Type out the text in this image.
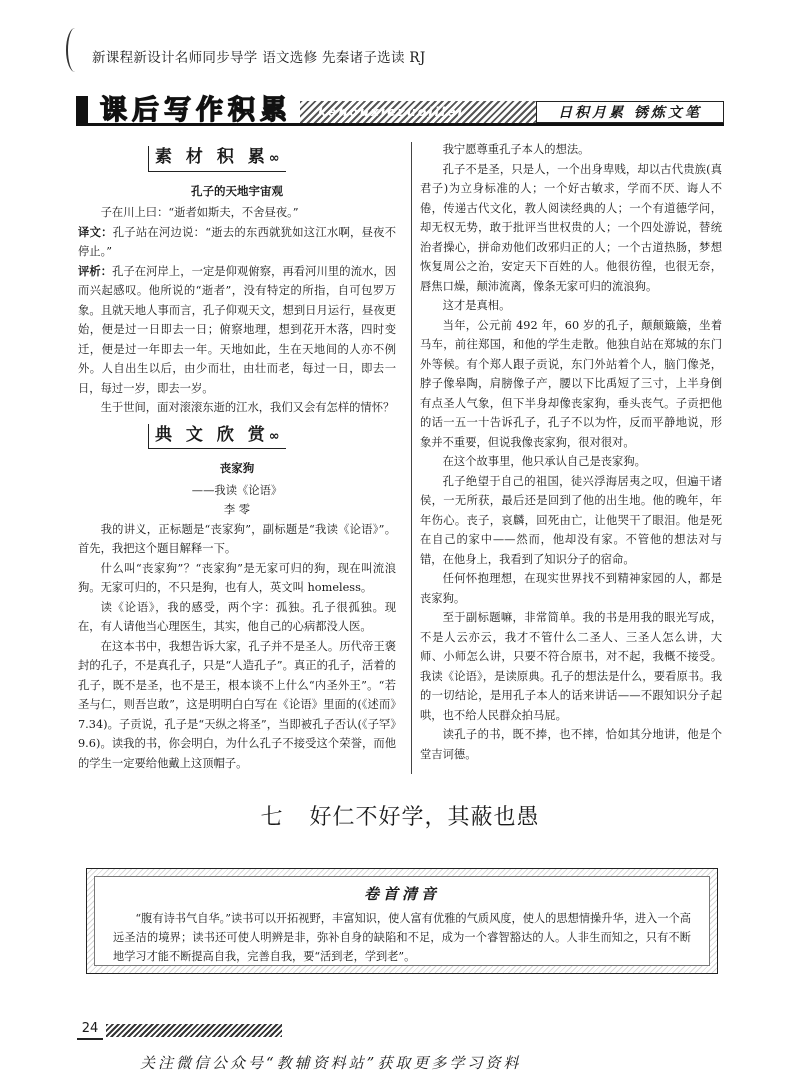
新课程新设计名师同步导学 语文选修 先秦诸子选读 RJ
课后写作积累	kehouxiezuojilei	日积月累 锈炼文笔
素 材 积 累∞
孔子的天地宇宙观

子在川上曰：“逝者如斯夫，不舍昼夜。”

译文：孔子站在河边说：“逝去的东西就犹如这江水啊，昼夜不停止。”

评析：孔子在河岸上，一定是仰观俯察，再看河川里的流水，因而兴起感叹。他所说的“逝者”，没有特定的所指，自可包罗万象。且就天地人事而言，孔子仰观天文，想到日月运行，昼夜更始，便是过一日即去一日；俯察地理，想到花开木落，四时变迁，便是过一年即去一年。天地如此，生在天地间的人亦不例外。人自出生以后，由少而壮，由壮而老，每过一日，即去一日，每过一岁，即去一岁。

生于世间，面对滚滚东逝的江水，我们又会有怎样的情怀？

典 文 欣 赏∞
丧家狗

——我读《论语》

李 零

我的讲义，正标题是“丧家狗”，副标题是“我读《论语》”。首先，我把这个题目解释一下。

什么叫“丧家狗”？“丧家狗”是无家可归的狗，现在叫流浪狗。无家可归的，不只是狗，也有人，英文叫 homeless。

读《论语》，我的感受，两个字：孤独。孔子很孤独。现在，有人请他当心理医生，其实，他自己的心病都没人医。

在这本书中，我想告诉大家，孔子并不是圣人。历代帝王褒封的孔子，不是真孔子，只是“人造孔子”。真正的孔子，活着的孔子，既不是圣，也不是王，根本谈不上什么“内圣外王”。“若圣与仁，则吾岂敢”，这是明明白白写在《论语》里面的(《述而》7.34)。子贡说，孔子是“天纵之将圣”，当即被孔子否认(《子罕》9.6)。读我的书，你会明白，为什么孔子不接受这个荣誉，而他的学生一定要给他戴上这顶帽子。

我宁愿尊重孔子本人的想法。

孔子不是圣，只是人，一个出身卑贱，却以古代贵族(真君子)为立身标准的人；一个好古敏求，学而不厌、诲人不倦，传递古代文化，教人阅读经典的人；一个有道德学问，却无权无势，敢于批评当世权贵的人；一个四处游说，替统治者操心，拼命劝他们改邪归正的人；一个古道热肠，梦想恢复周公之治，安定天下百姓的人。他很彷徨，也很无奈，唇焦口燥，颠沛流离，像条无家可归的流浪狗。

这才是真相。

当年，公元前 492 年，60 岁的孔子，颠颠簸簸，坐着马车，前往郑国，和他的学生走散。他独自站在郑城的东门外等候。有个郑人跟子贡说，东门外站着个人，脑门像尧，脖子像皋陶，肩膀像子产，腰以下比禹短了三寸，上半身倒有点圣人气象，但下半身却像丧家狗，垂头丧气。子贡把他的话一五一十告诉孔子，孔子不以为忤，反而平静地说，形象并不重要，但说我像丧家狗，很对很对。

在这个故事里，他只承认自己是丧家狗。

孔子绝望于自己的祖国，徒兴浮海居夷之叹，但遍干诸侯，一无所获，最后还是回到了他的出生地。他的晚年，年年伤心。丧子，哀麟，回死由亡，让他哭干了眼泪。他是死在自己的家中——然而，他却没有家。不管他的想法对与错，在他身上，我看到了知识分子的宿命。

任何怀抱理想，在现实世界找不到精神家园的人，都是丧家狗。

至于副标题嘛，非常简单。我的书是用我的眼光写成，不是人云亦云，我才不管什么二圣人、三圣人怎么讲，大师、小师怎么讲，只要不符合原书，对不起，我概不接受。我读《论语》，是读原典。孔子的想法是什么，要看原书。我的一切结论，是用孔子本人的话来讲话——不跟知识分子起哄，也不给人民群众拍马屁。

读孔子的书，既不捧，也不摔，恰如其分地讲，他是个堂吉诃德。

七 好仁不好学，其蔽也愚
卷首清音
“腹有诗书气自华。”读书可以开拓视野，丰富知识，使人富有优雅的气质风度，使人的思想情操升华，进入一个高远圣洁的境界；读书还可使人明辨是非，弥补自身的缺陷和不足，成为一个睿智豁达的人。人非生而知之，只有不断地学习才能不断提高自我，完善自我，要“活到老，学到老”。
24
关注微信公众号“教辅资料站”获取更多学习资料
